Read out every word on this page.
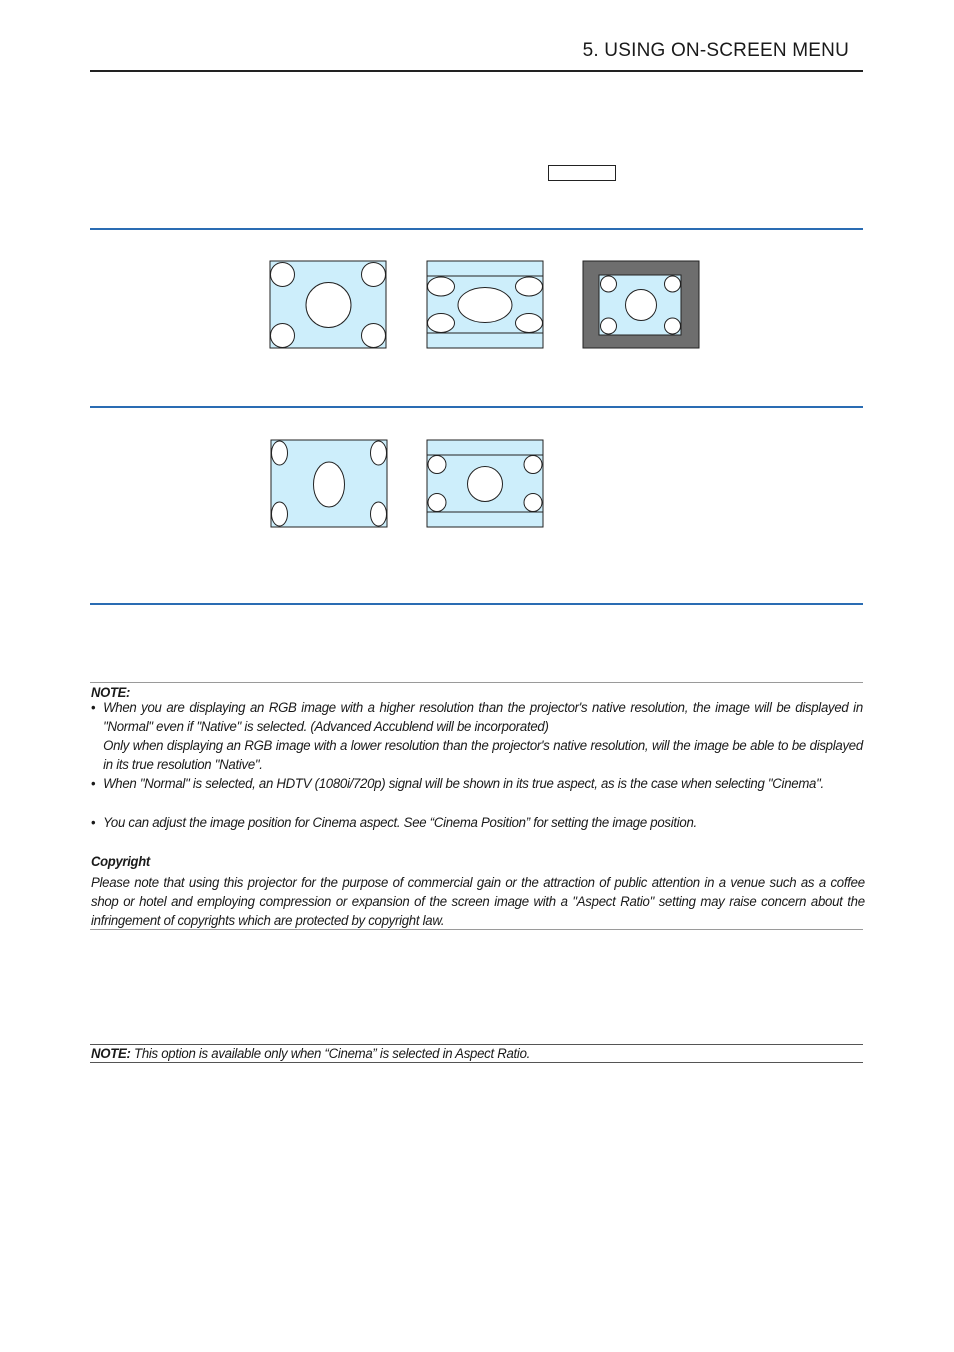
5. USING ON-SCREEN MENU
NOTE:
• When you are displaying an RGB image with a higher resolution than the projector's native resolution, the image will be displayed in "Normal" even if "Native" is selected. (Advanced Accublend will be incorporated)
Only when displaying an RGB image with a lower resolution than the projector's native resolution, will the image be able to be displayed in its true resolution "Native".
• When "Normal" is selected, an HDTV (1080i/720p) signal will be shown in its true aspect, as is the case when selecting "Cinema".
• You can adjust the image position for Cinema aspect. See “Cinema Position” for setting the image position.
Copyright
Please note that using this projector for the purpose of commercial gain or the attraction of public attention in a venue such as a coffee shop or hotel and employing compression or expansion of the screen image with a "Aspect Ratio" setting may raise concern about the infringement of copyrights which are protected by copyright law.
NOTE: This option is available only when “Cinema” is selected in Aspect Ratio.
